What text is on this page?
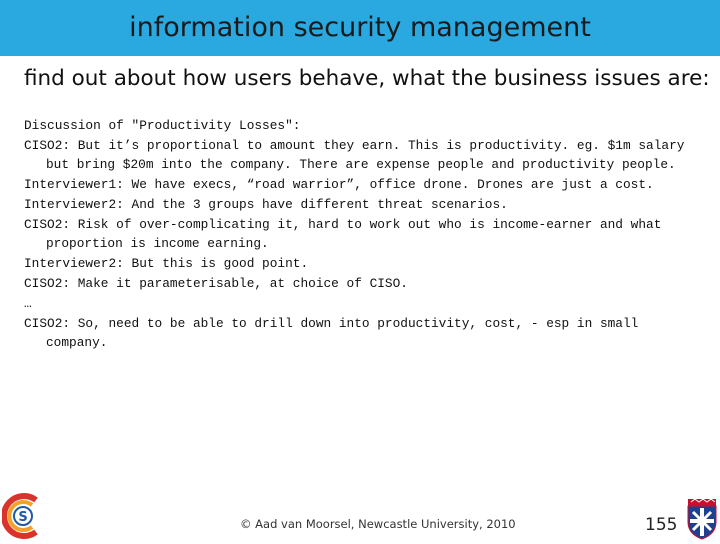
information security management
find out about how users behave, what the business issues are:
Discussion of "Productivity Losses":
CISO2: But it’s proportional to amount they earn. This is productivity. eg. $1m salary but bring $20m into the company. There are expense people and productivity people.
Interviewer1: We have execs, “road warrior”, office drone. Drones are just a cost.
Interviewer2: And the 3 groups have different threat scenarios.
CISO2: Risk of over-complicating it, hard to work out who is income-earner and what proportion is income earning.
Interviewer2: But this is good point.
CISO2: Make it parameterisable, at choice of CISO.
…
CISO2: So, need to be able to drill down into productivity, cost, - esp in small company.
S	© Aad van Moorsel, Newcastle University, 2010	155
